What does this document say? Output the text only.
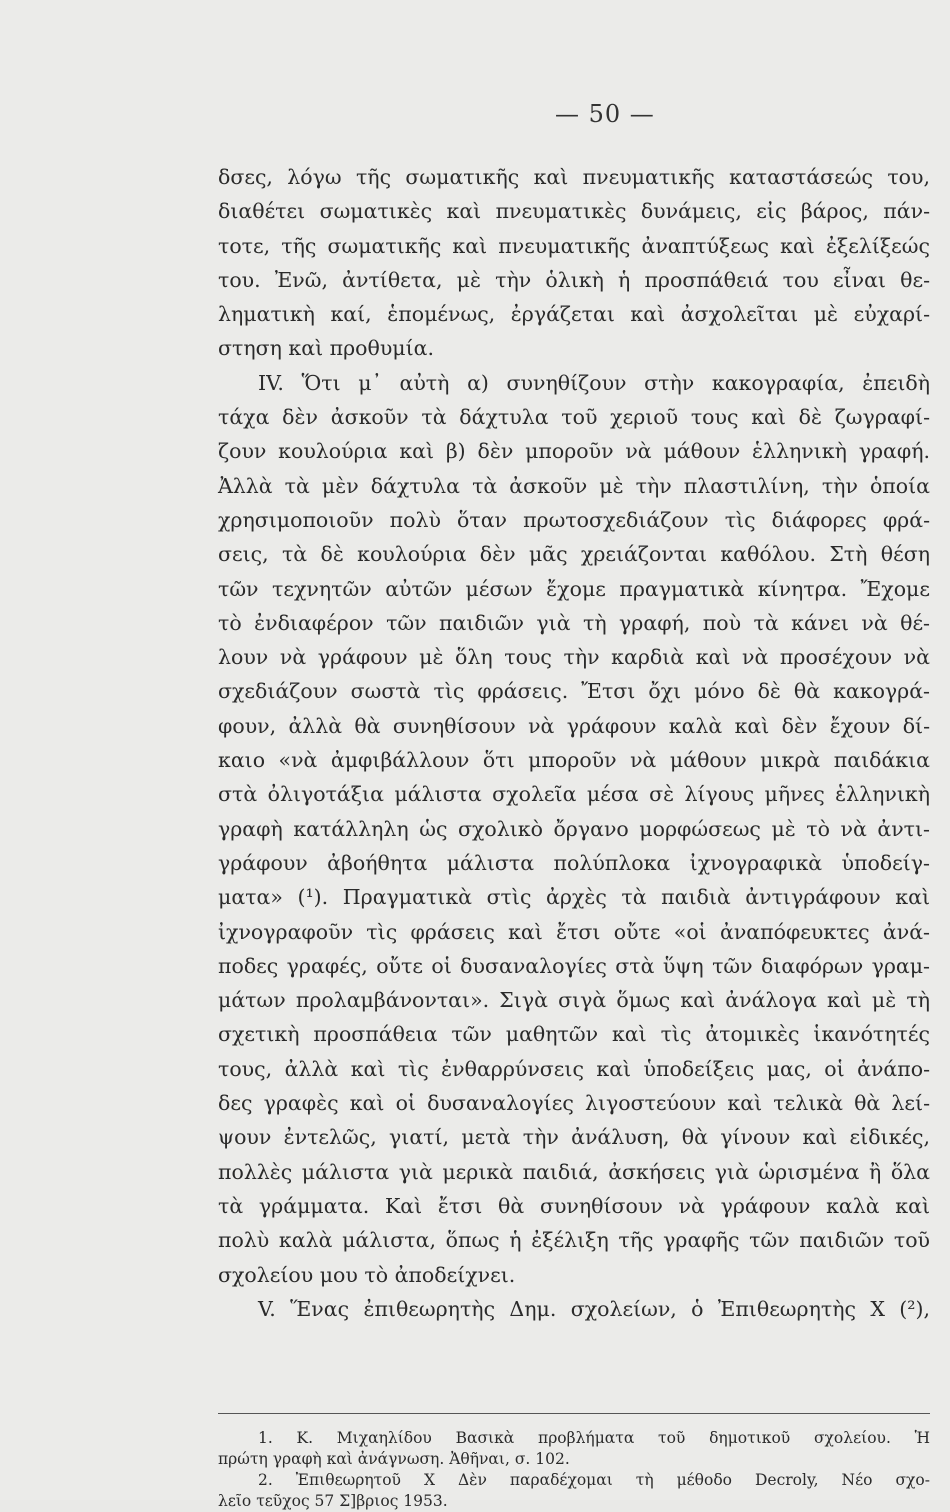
— 50 —
δσες, λόγω τῆς σωματικῆς καὶ πνευματικῆς καταστάσεώς του,
διαθέτει σωματικὲς καὶ πνευματικὲς δυνάμεις, εἰς βάρος, πάν-
τοτε, τῆς σωματικῆς καὶ πνευματικῆς ἀναπτύξεως καὶ ἐξελίξεώς
του. Ἐνῶ, ἀντίθετα, μὲ τὴν ὁλικὴ ἡ προσπάθειά του εἶναι θε-
ληματικὴ καί, ἑπομένως, ἐργάζεται καὶ ἀσχολεῖται μὲ εὐχαρί-
στηση καὶ προθυμία.
IV. Ὅτι μ᾽ αὐτὴ α) συνηθίζουν στὴν κακογραφία, ἐπειδὴ
τάχα δὲν ἀσκοῦν τὰ δάχτυλα τοῦ χεριοῦ τους καὶ δὲ ζωγραφί-
ζουν κουλούρια καὶ β) δὲν μποροῦν νὰ μάθουν ἑλληνικὴ γραφή.
Ἀλλὰ τὰ μὲν δάχτυλα τὰ ἀσκοῦν μὲ τὴν πλαστιλίνη, τὴν ὁποία
χρησιμοποιοῦν πολὺ ὅταν πρωτοσχεδιάζουν τὶς διάφορες φρά-
σεις, τὰ δὲ κουλούρια δὲν μᾶς χρειάζονται καθόλου. Στὴ θέση
τῶν τεχνητῶν αὐτῶν μέσων ἔχομε πραγματικὰ κίνητρα. Ἔχομε
τὸ ἐνδιαφέρον τῶν παιδιῶν γιὰ τὴ γραφή, ποὺ τὰ κάνει νὰ θέ-
λουν νὰ γράφουν μὲ ὅλη τους τὴν καρδιὰ καὶ νὰ προσέχουν νὰ
σχεδιάζουν σωστὰ τὶς φράσεις. Ἔτσι ὄχι μόνο δὲ θὰ κακογρά-
φουν, ἀλλὰ θὰ συνηθίσουν νὰ γράφουν καλὰ καὶ δὲν ἔχουν δί-
καιο «νὰ ἀμφιβάλλουν ὅτι μποροῦν νὰ μάθουν μικρὰ παιδάκια
στὰ ὀλιγοτάξια μάλιστα σχολεῖα μέσα σὲ λίγους μῆνες ἑλληνικὴ
γραφὴ κατάλληλη ὡς σχολικὸ ὄργανο μορφώσεως μὲ τὸ νὰ ἀντι-
γράφουν ἀβοήθητα μάλιστα πολύπλοκα ἰχνογραφικὰ ὑποδείγ-
ματα» (¹). Πραγματικὰ στὶς ἀρχὲς τὰ παιδιὰ ἀντιγράφουν καὶ
ἰχνογραφοῦν τὶς φράσεις καὶ ἔτσι οὔτε «οἱ ἀναπόφευκτες ἀνά-
ποδες γραφές, οὔτε οἱ δυσαναλογίες στὰ ὕψη τῶν διαφόρων γραμ-
μάτων προλαμβάνονται». Σιγὰ σιγὰ ὅμως καὶ ἀνάλογα καὶ μὲ τὴ
σχετικὴ προσπάθεια τῶν μαθητῶν καὶ τὶς ἀτομικὲς ἱκανότητές
τους, ἀλλὰ καὶ τὶς ἐνθαρρύνσεις καὶ ὑποδείξεις μας, οἱ ἀνάπο-
δες γραφὲς καὶ οἱ δυσαναλογίες λιγοστεύουν καὶ τελικὰ θὰ λεί-
ψουν ἐντελῶς, γιατί, μετὰ τὴν ἀνάλυση, θὰ γίνουν καὶ εἰδικές,
πολλὲς μάλιστα γιὰ μερικὰ παιδιά, ἀσκήσεις γιὰ ὡρισμένα ἢ ὅλα
τὰ γράμματα. Καὶ ἔτσι θὰ συνηθίσουν νὰ γράφουν καλὰ καὶ
πολὺ καλὰ μάλιστα, ὅπως ἡ ἐξέλιξη τῆς γραφῆς τῶν παιδιῶν τοῦ
σχολείου μου τὸ ἀποδείχνει.
V. Ἕνας ἐπιθεωρητὴς Δημ. σχολείων, ὁ Ἐπιθεωρητὴς Χ (²),
1. Κ. Μιχαηλίδου Βασικὰ προβλήματα τοῦ δημοτικοῦ σχολείου. Ἡ
πρώτη γραφὴ καὶ ἀνάγνωση. Ἀθῆναι, σ. 102.
2. Ἐπιθεωρητοῦ Χ Δὲν παραδέχομαι τὴ μέθοδο Decroly, Νέο σχο-
λεῖο τεῦχος 57 Σ]βριος 1953.
